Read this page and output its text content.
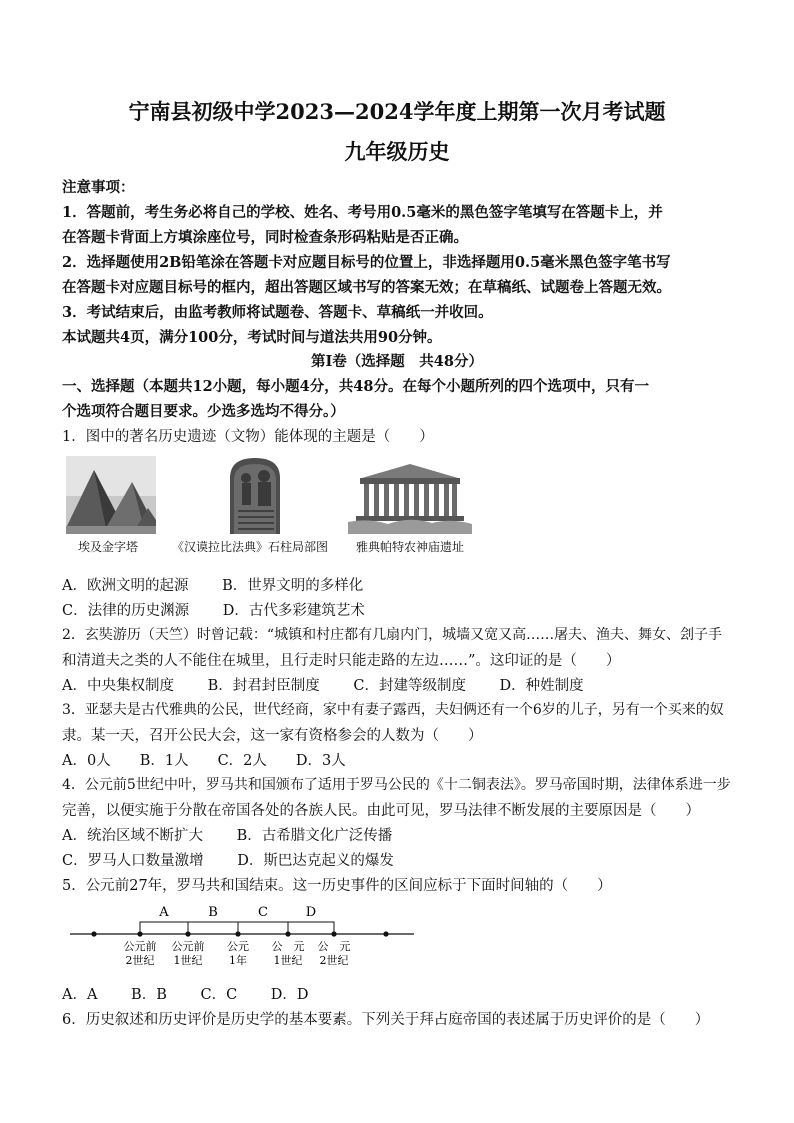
宁南县初级中学2023—2024学年度上期第一次月考试题
九年级历史
注意事项：
1．答题前，考生务必将自己的学校、姓名、考号用0.5毫米的黑色签字笔填写在答题卡上，并
在答题卡背面上方填涂座位号，同时检查条形码粘贴是否正确。
2．选择题使用2B铅笔涂在答题卡对应题目标号的位置上，非选择题用0.5毫米黑色签字笔书写
在答题卡对应题目标号的框内，超出答题区域书写的答案无效；在草稿纸、试题卷上答题无效。
3．考试结束后，由监考教师将试题卷、答题卡、草稿纸一并收回。
本试题共4页，满分100分，考试时间与道法共用90分钟。
第Ⅰ卷（选择题　共48分）
一、选择题（本题共12小题，每小题4分，共48分。在每个小题所列的四个选项中，只有一
个选项符合题目要求。少选多选均不得分。）
1．图中的著名历史遗迹（文物）能体现的主题是（　　）
埃及金字塔	《汉谟拉比法典》石柱局部图 雅典帕特农神庙遗址
A．欧洲文明的起源　　 B．世界文明的多样化
C．法律的历史渊源　　 D．古代多彩建筑艺术
2．玄奘游历（天竺）时曾记载：“城镇和村庄都有几扇内门，城墙又宽又高……屠夫、渔夫、舞女、刽子手
和清道夫之类的人不能住在城里，且行走时只能走路的左边……”。这印证的是（　　）
A．中央集权制度　　 B．封君封臣制度　　 C．封建等级制度　　 D．种姓制度
3．亚瑟夫是古代雅典的公民，世代经商，家中有妻子露西，夫妇俩还有一个6岁的儿子，另有一个买来的奴
隶。某一天，召开公民大会，这一家有资格参会的人数为（　　）
A．0人　　B．1人　　C．2人　　D．3人
4．公元前5世纪中叶，罗马共和国颁布了适用于罗马公民的《十二铜表法》。罗马帝国时期，法律体系进一步
完善，以便实施于分散在帝国各处的各族人民。由此可见，罗马法律不断发展的主要原因是（　　）
A．统治区域不断扩大　　 B．古希腊文化广泛传播
C．罗马人口数量激增　　 D．斯巴达克起义的爆发
5．公元前27年，罗马共和国结束。这一历史事件的区间应标于下面时间轴的（　　）
A	B	C	D
公元前
2世纪
公元前
1世纪
公元
1年
公　元
1世纪
公　元
2世纪
A．A　　 B．B　　 C．C　　 D．D
6．历史叙述和历史评价是历史学的基本要素。下列关于拜占庭帝国的表述属于历史评价的是（　　）
